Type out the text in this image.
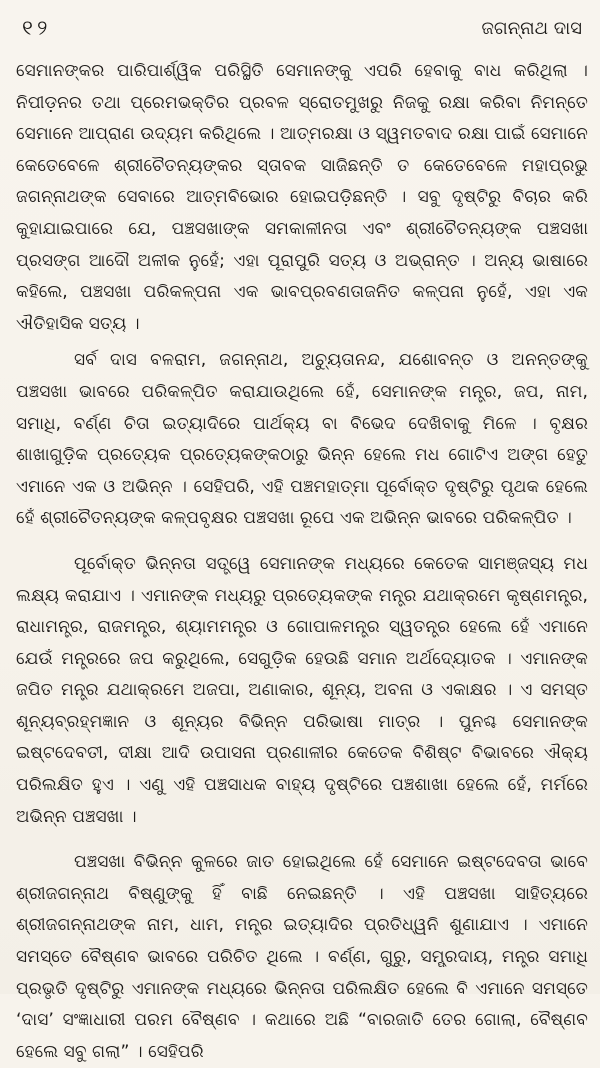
୧୨	ଜଗନ୍ନାଥ ଦାସ

ସେମାନଙ୍କର ପାରିପାର୍ଶ୍ୱିକ ପରିସ୍ଥିତି ସେମାନଙ୍କୁ ଏପରି ହେବାକୁ ବାଧ କରିଥିଲା । ନିପୀଡ଼ନର ତଥା ପ୍ରେମଭକ୍ତିର ପ୍ରବଳ ସ୍ରୋତମୁଖରୁ ନିଜକୁ ରକ୍ଷା କରିବା ନିମନ୍ତେ ସେମାନେ ଆପ୍ରାଣ ଉଦ୍ୟମ କରିଥିଲେ । ଆତ୍ମରକ୍ଷା ଓ ସ୍ୱମତବାଦ ରକ୍ଷା ପାଇଁ ସେମାନେ କେତେବେଳେ ଶ୍ରୀଚୈତନ୍ୟଙ୍କର ସ୍ତାବକ ସାଜିଛନ୍ତି ତ କେତେବେଳେ ମହାପ୍ରଭୁ ଜଗନ୍ନାଥଙ୍କ ସେବାରେ ଆତ୍ମବିଭୋର ହୋଇପଡ଼ିଛନ୍ତି । ସବୁ ଦୃଷ୍ଟିରୁ ବିଚାର କରି କୁହାଯାଇପାରେ ଯେ, ପଞ୍ଚସଖାଙ୍କ ସମକାଳୀନତା ଏବଂ ଶ୍ରୀଚୈତନ୍ୟଙ୍କ ପଞ୍ଚସଖା ପ୍ରସଙ୍ଗ ଆଦୌ ଅଳୀକ ନୁହେଁ; ଏହା ପୂରାପୁରି ସତ୍ୟ ଓ ଅଭ୍ରାନ୍ତ । ଅନ୍ୟ ଭାଷାରେ କହିଲେ, ପଞ୍ଚସଖା ପରିକଳ୍ପନା ଏକ ଭାବପ୍ରବଣତାଜନିତ କଳ୍ପନା ନୁହେଁ, ଏହା ଏକ ଐତିହାସିକ ସତ୍ୟ ।

ସର୍ବ ଦାସ ବଳରାମ, ଜଗନ୍ନାଥ, ଅଚ୍ୟୁତାନନ୍ଦ, ଯଶୋବନ୍ତ ଓ ଅନନ୍ତଙ୍କୁ ପଞ୍ଚସଖା ଭାବରେ ପରିକଳ୍ପିତ କରାଯାଉଥିଲେ ହେଁ, ସେମାନଙ୍କ ମନ୍ତ୍ର, ଜପ, ନାମ, ସମାଧି, ବର୍ଣ୍ଣ ଚିତା ଇତ୍ୟାଦିରେ ପାର୍ଥକ୍ୟ ବା ବିଭେଦ ଦେଖିବାକୁ ମିଳେ । ବୃକ୍ଷର ଶାଖାଗୁଡ଼ିକ ପ୍ରତ୍ୟେକ ପ୍ରତ୍ୟେକଙ୍କଠାରୁ ଭିନ୍ନ ହେଲେ ମଧ ଗୋଟିଏ ଅଙ୍ଗ ହେତୁ ଏମାନେ ଏକ ଓ ଅଭିନ୍ନ । ସେହିପରି, ଏହି ପଞ୍ଚମହାତ୍ମା ପୂର୍ବୋକ୍ତ ଦୃଷ୍ଟିରୁ ପୃଥକ ହେଲେ ହେଁ ଶ୍ରୀଚୈତନ୍ୟଙ୍କ କଳ୍ପବୃକ୍ଷର ପଞ୍ଚସଖା ରୂପେ ଏକ ଅଭିନ୍ନ ଭାବରେ ପରିକଳ୍ପିତ ।

ପୂର୍ବୋକ୍ତ ଭିନ୍ନତା ସତ୍ତ୍ୱେ ସେମାନଙ୍କ ମଧ୍ୟରେ କେତେକ ସାମଞ୍ଜସ୍ୟ ମଧ ଲକ୍ଷ୍ୟ କରାଯାଏ । ଏମାନଙ୍କ ମଧ୍ୟରୁ ପ୍ରତ୍ୟେକଙ୍କ ମନ୍ତ୍ର ଯଥାକ୍ରମେ କୃଷ୍ଣମନ୍ତ୍ର, ରାଧାମନ୍ତ୍ର, ରାଜମନ୍ତ୍ର, ଶ୍ୟାମମନ୍ତ୍ର ଓ ଗୋପାଳମନ୍ତ୍ର ସ୍ୱତନ୍ତ୍ର ହେଲେ ହେଁ ଏମାନେ ଯେଉଁ ମନ୍ତ୍ରରେ ଜପ କରୁଥିଲେ, ସେଗୁଡ଼ିକ ହେଉଛି ସମାନ ଅର୍ଥଦ୍ୟୋତକ । ଏମାନଙ୍କ ଜପିତ ମନ୍ତ୍ର ଯଥାକ୍ରମେ ଅଜପା, ଅଣାକାର, ଶୂନ୍ୟ, ଅବନା ଓ ଏକାକ୍ଷର । ଏ ସମସ୍ତ ଶୂନ୍ୟବ୍ରହ୍ମଜ୍ଞାନ ଓ ଶୂନ୍ୟର ବିଭିନ୍ନ ପରିଭାଷା ମାତ୍ର । ପୁନଶ୍ଚ ସେମାନଙ୍କ ଇଷ୍ଟଦେବତୀ, ଦୀକ୍ଷା ଆଦି ଉପାସନା ପ୍ରଣାଳୀର କେତେକ ବିଶିଷ୍ଟ ବିଭାବରେ ଐକ୍ୟ ପରିଲକ୍ଷିତ ହୁଏ । ଏଣୁ ଏହି ପଞ୍ଚସାଧକ ବାହ୍ୟ ଦୃଷ୍ଟିରେ ପଞ୍ଚଶାଖା ହେଲେ ହେଁ, ମର୍ମରେ ଅଭିନ୍ନ ପଞ୍ଚସଖା ।

ପଞ୍ଚସଖା ବିଭିନ୍ନ କୁଳରେ ଜାତ ହୋଇଥିଲେ ହେଁ ସେମାନେ ଇଷ୍ଟଦେବତା ଭାବେ ଶ୍ରୀଜଗନ୍ନାଥ ବିଷ୍ଣୁଙ୍କୁ ହିଁ ବାଛି ନେଇଛନ୍ତି । ଏହି ପଞ୍ଚସଖା ସାହିତ୍ୟରେ ଶ୍ରୀଜଗନ୍ନାଥଙ୍କ ନାମ, ଧାମ, ମନ୍ତ୍ର ଇତ୍ୟାଦିର ପ୍ରତିଧ୍ୱନି ଶୁଣାଯାଏ । ଏମାନେ ସମସ୍ତେ ବୈଷ୍ଣବ ଭାବରେ ପରିଚିତ ଥିଲେ । ବର୍ଣ୍ଣ, ଗୁରୁ, ସମ୍ପ୍ରଦାୟ, ମନ୍ତ୍ର ସମାଧି ପ୍ରଭୃତି ଦୃଷ୍ଟିରୁ ଏମାନଙ୍କ ମଧ୍ୟରେ ଭିନ୍ନତା ପରିଲକ୍ଷିତ ହେଲେ ବି ଏମାନେ ସମସ୍ତେ ‘ଦାସ’ ସଂଜ୍ଞାଧାରୀ ପରମ ବୈଷ୍ଣବ । କଥାରେ ଅଛି “ବାରଜାତି ତେର ଗୋଲା, ବୈଷ୍ଣବ ହେଲେ ସବୁ ଗଲା” । ସେହିପରି
